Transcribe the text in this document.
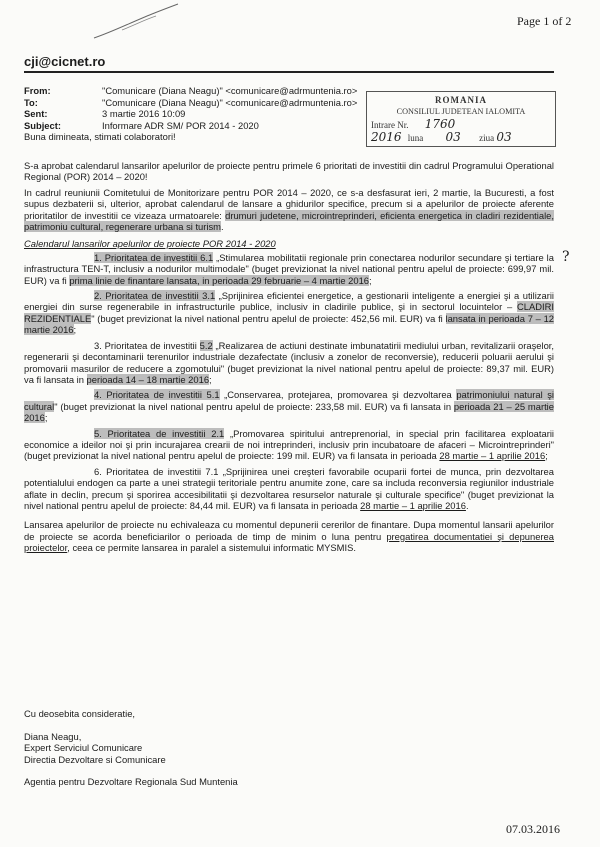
Page 1 of 2
cji@cicnet.ro
From:	"Comunicare (Diana Neagu)" <comunicare@adrmuntenia.ro>
To:	"Comunicare (Diana Neagu)" <comunicare@adrmuntenia.ro>
Sent:	3 martie 2016 10:09
Subject:	Informare ADR SM/ POR 2014 - 2020
Buna dimineata, stimati colaboratori!
ROMANIA
CONSILIUL JUDETEAN IALOMITA
Intrare Nr. 1760
2016 luna 03 ziua 03

S-a aprobat calendarul lansarilor apelurilor de proiecte pentru primele 6 prioritati de investitii din cadrul Programului Operational Regional (POR) 2014 – 2020!

In cadrul reuniunii Comitetului de Monitorizare pentru POR 2014 – 2020, ce s-a desfasurat ieri, 2 martie, la Bucuresti, a fost supus dezbaterii si, ulterior, aprobat calendarul de lansare a ghidurilor specifice, precum si a apelurilor de proiecte aferente prioritatilor de investitii ce vizeaza urmatoarele: drumuri judetene, microintreprinderi, eficienta energetica in cladiri rezidentiale, patrimoniu cultural, regenerare urbana si turism.

Calendarul lansarilor apelurilor de proiecte POR 2014 - 2020

1. Prioritatea de investitii 6.1 „Stimularea mobilitatii regionale prin conectarea nodurilor secundare şi tertiare la infrastructura TEN-T, inclusiv a nodurilor multimodale" (buget previzionat la nivel national pentru apelul de proiecte: 699,97 mil. EUR) va fi prima linie de finantare lansata, in perioada 29 februarie – 4 martie 2016;

2. Prioritatea de investitii 3.1 „Sprijinirea eficientei energetice, a gestionarii inteligente a energiei şi a utilizarii energiei din surse regenerabile in infrastructurile publice, inclusiv in cladirile publice, şi in sectorul locuintelor – CLADIRI REZIDENTIALE" (buget previzionat la nivel national pentru apelul de proiecte: 452,56 mil. EUR) va fi lansata in perioada 7 – 12 martie 2016;

3. Prioritatea de investitii 5.2 „Realizarea de actiuni destinate imbunatatirii mediului urban, revitalizarii oraşelor, regenerarii şi decontaminarii terenurilor industriale dezafectate (inclusiv a zonelor de reconversie), reducerii poluarii aerului şi promovarii masurilor de reducere a zgomotului" (buget previzionat la nivel national pentru apelul de proiecte: 89,37 mil. EUR) va fi lansata in perioada 14 – 18 martie 2016;

4. Prioritatea de investitii 5.1 „Conservarea, protejarea, promovarea şi dezvoltarea patrimoniului natural şi cultural" (buget previzionat la nivel national pentru apelul de proiecte: 233,58 mil. EUR) va fi lansata in perioada 21 – 25 martie 2016;

5. Prioritatea de investitii 2.1 „Promovarea spiritului antreprenorial, in special prin facilitarea exploatarii economice a ideilor noi şi prin incurajarea crearii de noi intreprinderi, inclusiv prin incubatoare de afaceri – Microintreprinderi" (buget previzionat la nivel national pentru apelul de proiecte: 199 mil. EUR) va fi lansata in perioada 28 martie – 1 aprilie 2016;

6. Prioritatea de investitii 7.1 „Sprijinirea unei creşteri favorabile ocuparii fortei de munca, prin dezvoltarea potentialului endogen ca parte a unei strategii teritoriale pentru anumite zone, care sa includa reconversia regiunilor industriale aflate in declin, precum şi sporirea accesibilitatii şi dezvoltarea resurselor naturale şi culturale specifice" (buget previzionat la nivel national pentru apelul de proiecte: 84,44 mil. EUR) va fi lansata in perioada 28 martie – 1 aprilie 2016.

Lansarea apelurilor de proiecte nu echivaleaza cu momentul depunerii cererilor de finantare. Dupa momentul lansarii apelurilor de proiecte se acorda beneficiarilor o perioada de timp de minim o luna pentru pregatirea documentatiei şi depunerea proiectelor, ceea ce permite lansarea in paralel a sistemului informatic MYSMIS.

?
Cu deosebita consideratie,
Diana Neagu,
Expert Serviciul Comunicare
Directia Dezvoltare si Comunicare
Agentia pentru Dezvoltare Regionala Sud Muntenia
07.03.2016
